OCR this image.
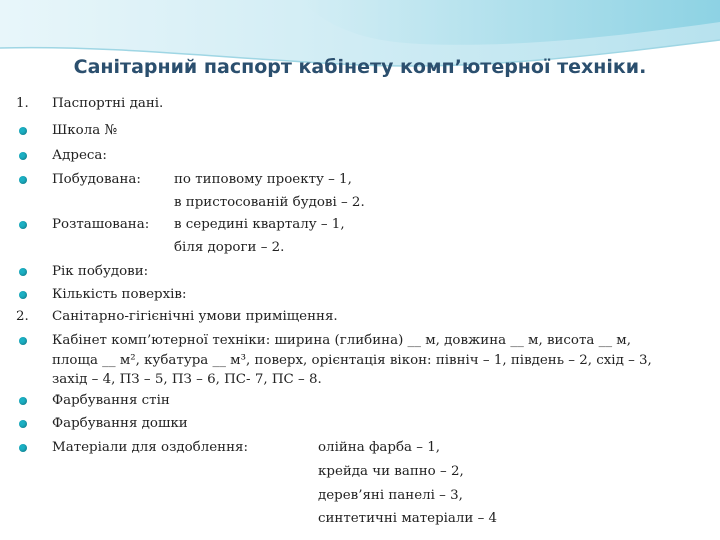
Санітарний паспорт кабінету комп’ютерної техніки.
1.	Паспортні дані.
Школа №
Адреса:
Побудована: по типовому проекту – 1,
в пристосованій будові – 2.
Розташована: в середині кварталу – 1,
біля дороги – 2.
Рік побудови:
Кількість поверхів:
2.	Санітарно-гігієнічні умови приміщення.
Кабінет комп’ютерної техніки: ширина (глибина) __ м, довжина __ м, висота __ м,
площа __ м², кубатура __ м³, поверх, орієнтація вікон: північ – 1, південь – 2, схід – 3,
захід – 4, ПЗ – 5, ПЗ – 6, ПС- 7, ПС – 8.
Фарбування стін
Фарбування дошки
Матеріали для оздоблення:	олійна фарба – 1,
крейда чи вапно – 2,
дерев’яні панелі – 3,
синтетичні матеріали – 4
